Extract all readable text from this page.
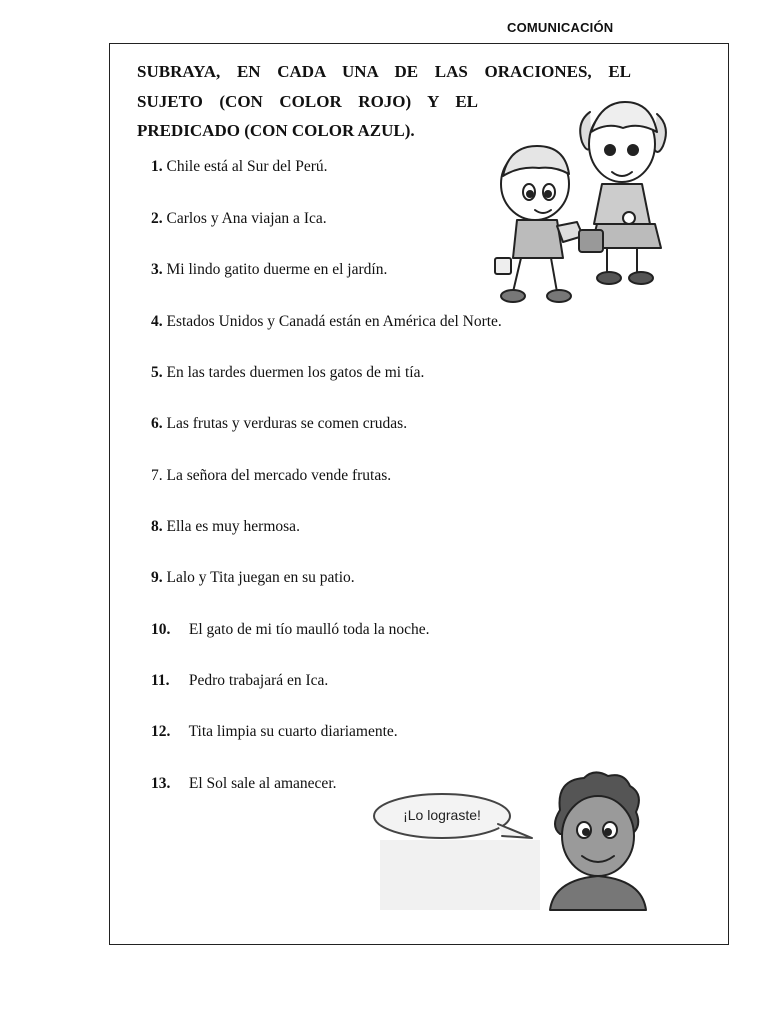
COMUNICACIÓN
SUBRAYA, EN CADA UNA DE LAS ORACIONES, EL
SUJETO (CON COLOR ROJO) Y EL
PREDICADO (CON COLOR AZUL).
1. Chile está al Sur del Perú.
2. Carlos y Ana viajan a Ica.
3. Mi lindo gatito duerme en el jardín.
4. Estados Unidos y Canadá están en América del Norte.
5. En las tardes duermen los gatos de mi tía.
6. Las frutas y verduras se comen crudas.
7. La señora del mercado vende frutas.
8. Ella es muy hermosa.
9. Lalo y Tita juegan en su patio.
10. El gato de mi tío maulló toda la noche.
11. Pedro trabajará en Ica.
12. Tita limpia su cuarto diariamente.
13. El Sol sale al amanecer.
¡Lo lograste!
